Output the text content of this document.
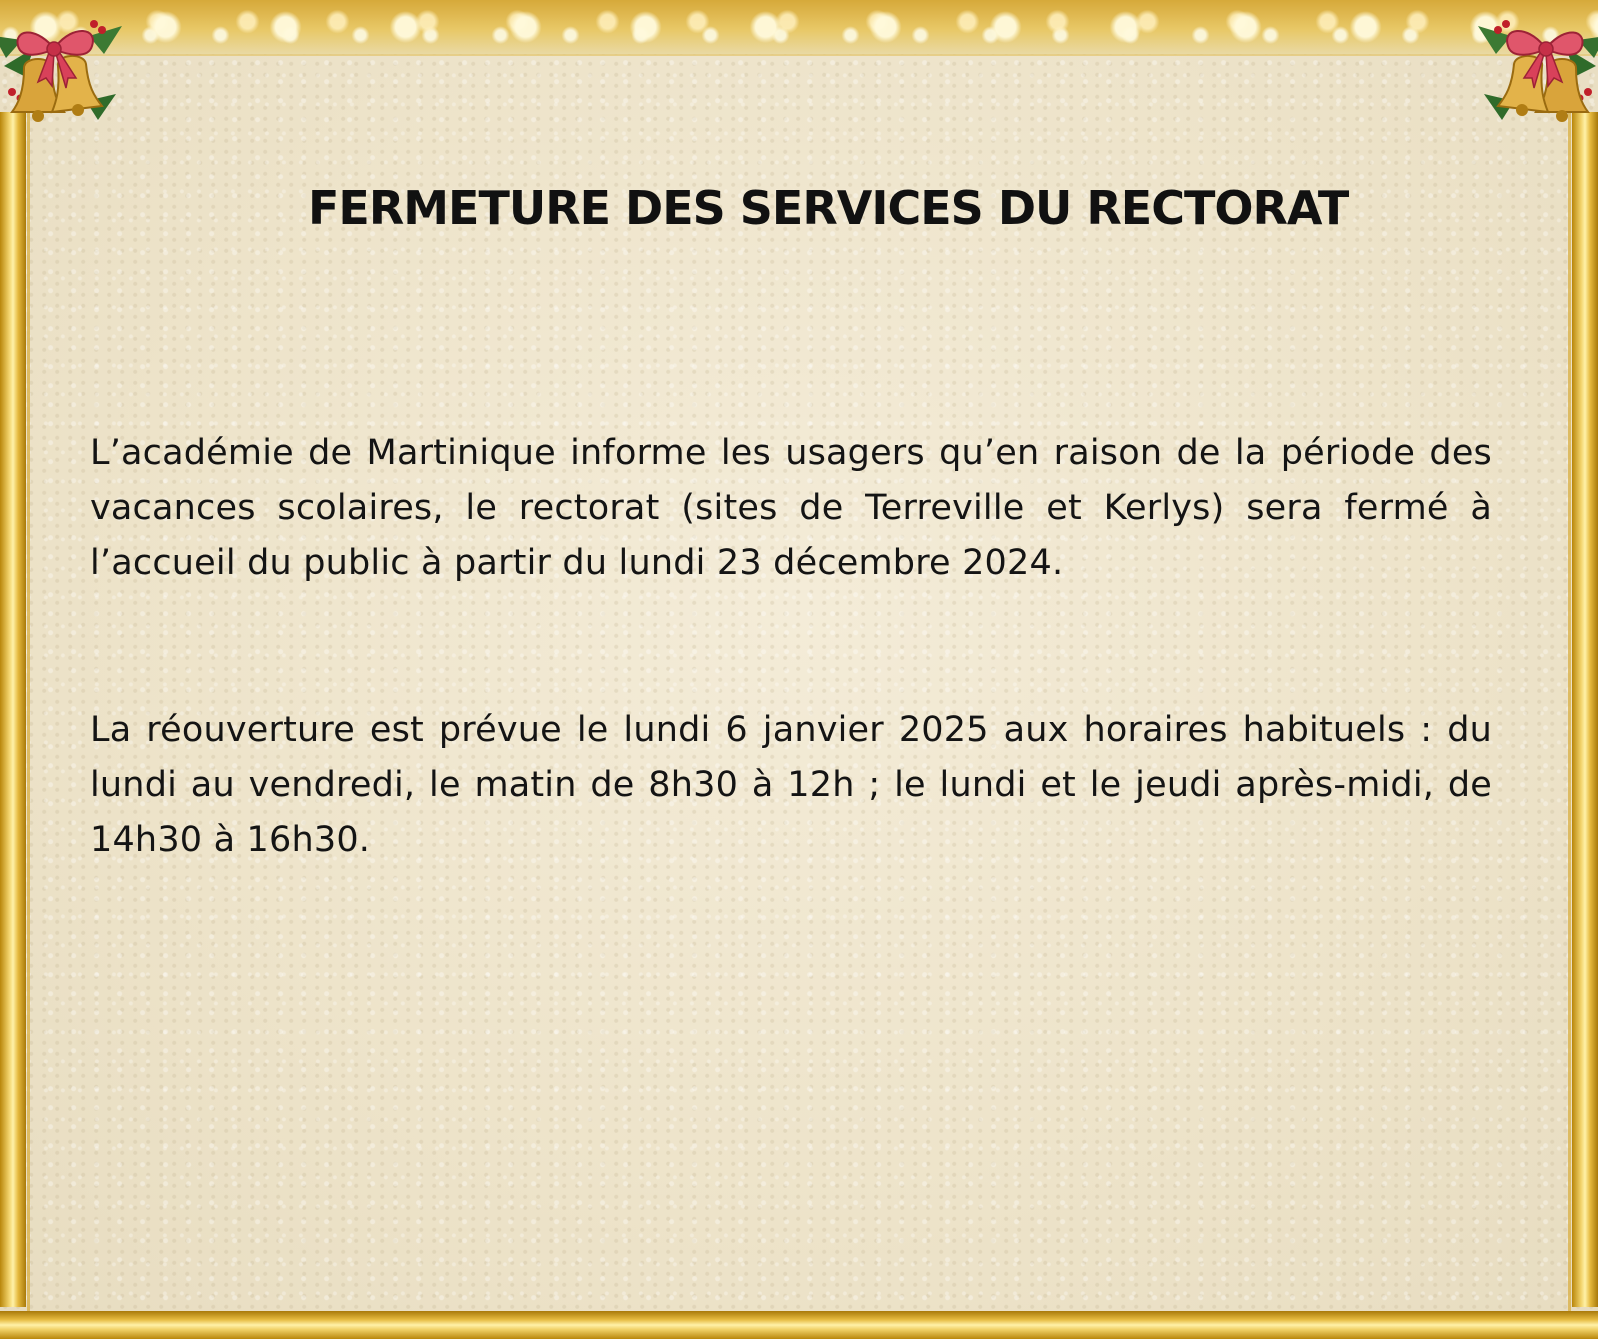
FERMETURE DES SERVICES DU RECTORAT

L’académie de Martinique informe les usagers qu’en raison de la période des vacances scolaires, le rectorat (sites de Terreville et Kerlys) sera fermé à l’accueil du public à partir du lundi 23 décembre 2024.

La réouverture est prévue le lundi 6 janvier 2025 aux horaires habituels : du lundi au vendredi, le matin de 8h30 à 12h ; le lundi et le jeudi après-midi, de 14h30 à 16h30.
